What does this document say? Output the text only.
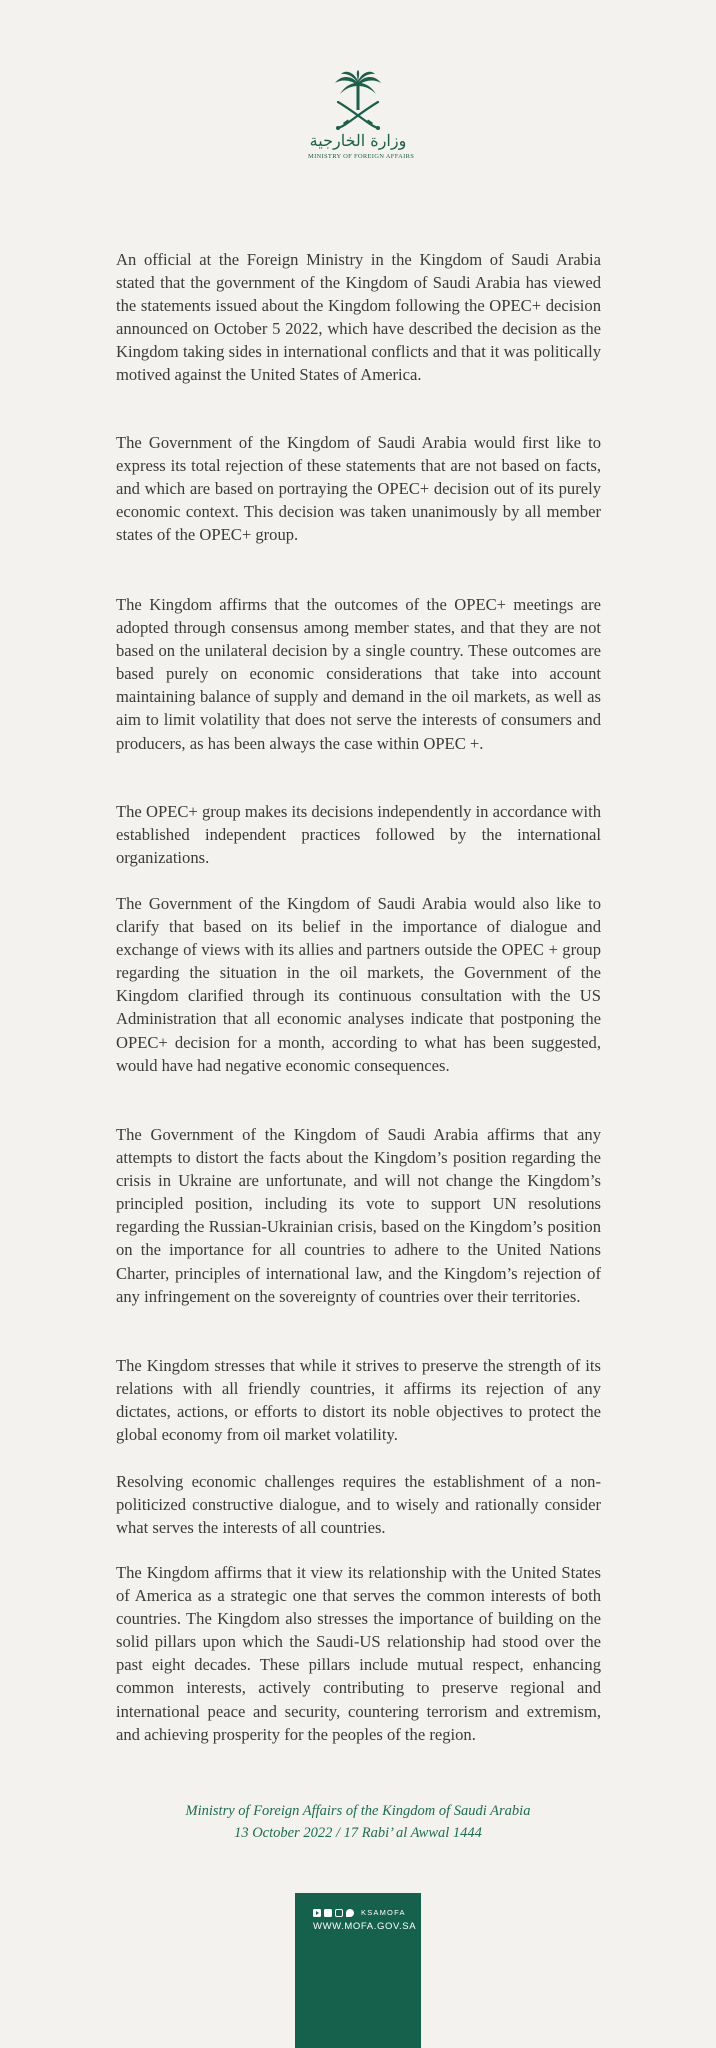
وزارة الخارجية
MINISTRY OF FOREIGN AFFAIRS

An official at the Foreign Ministry in the Kingdom of Saudi Arabia stated that the government of the Kingdom of Saudi Arabia has viewed the statements issued about the Kingdom following the OPEC+ decision announced on October 5 2022, which have described the decision as the Kingdom taking sides in international conflicts and that it was politically motived against the United States of America.

The Government of the Kingdom of Saudi Arabia would first like to express its total rejection of these statements that are not based on facts, and which are based on portraying the OPEC+ decision out of its purely economic context. This decision was taken unanimously by all member states of the OPEC+ group.

The Kingdom affirms that the outcomes of the OPEC+ meetings are adopted through consensus among member states, and that they are not based on the unilateral decision by a single country. These outcomes are based purely on economic considerations that take into account maintaining balance of supply and demand in the oil markets, as well as aim to limit volatility that does not serve the interests of consumers and producers, as has been always the case within OPEC +.

The OPEC+ group makes its decisions independently in accordance with established independent practices followed by the international organizations.

The Government of the Kingdom of Saudi Arabia would also like to clarify that based on its belief in the importance of dialogue and exchange of views with its allies and partners outside the OPEC + group regarding the situation in the oil markets, the Government of the Kingdom clarified through its continuous consultation with the US Administration that all economic analyses indicate that postponing the OPEC+ decision for a month, according to what has been suggested, would have had negative economic consequences.

The Government of the Kingdom of Saudi Arabia affirms that any attempts to distort the facts about the Kingdom’s position regarding the crisis in Ukraine are unfortunate, and will not change the Kingdom’s principled position, including its vote to support UN resolutions regarding the Russian-Ukrainian crisis, based on the Kingdom’s position on the importance for all countries to adhere to the United Nations Charter, principles of international law, and the Kingdom’s rejection of any infringement on the sovereignty of countries over their territories.

The Kingdom stresses that while it strives to preserve the strength of its relations with all friendly countries, it affirms its rejection of any dictates, actions, or efforts to distort its noble objectives to protect the global economy from oil market volatility.

Resolving economic challenges requires the establishment of a non-politicized constructive dialogue, and to wisely and rationally consider what serves the interests of all countries.

The Kingdom affirms that it view its relationship with the United States of America as a strategic one that serves the common interests of both countries. The Kingdom also stresses the importance of building on the solid pillars upon which the Saudi-US relationship had stood over the past eight decades. These pillars include mutual respect, enhancing common interests, actively contributing to preserve regional and international peace and security, countering terrorism and extremism, and achieving prosperity for the peoples of the region.

Ministry of Foreign Affairs of the Kingdom of Saudi Arabia
13 October 2022 / 17 Rabi’ al Awwal 1444
KSAMOFA
WWW.MOFA.GOV.SA
